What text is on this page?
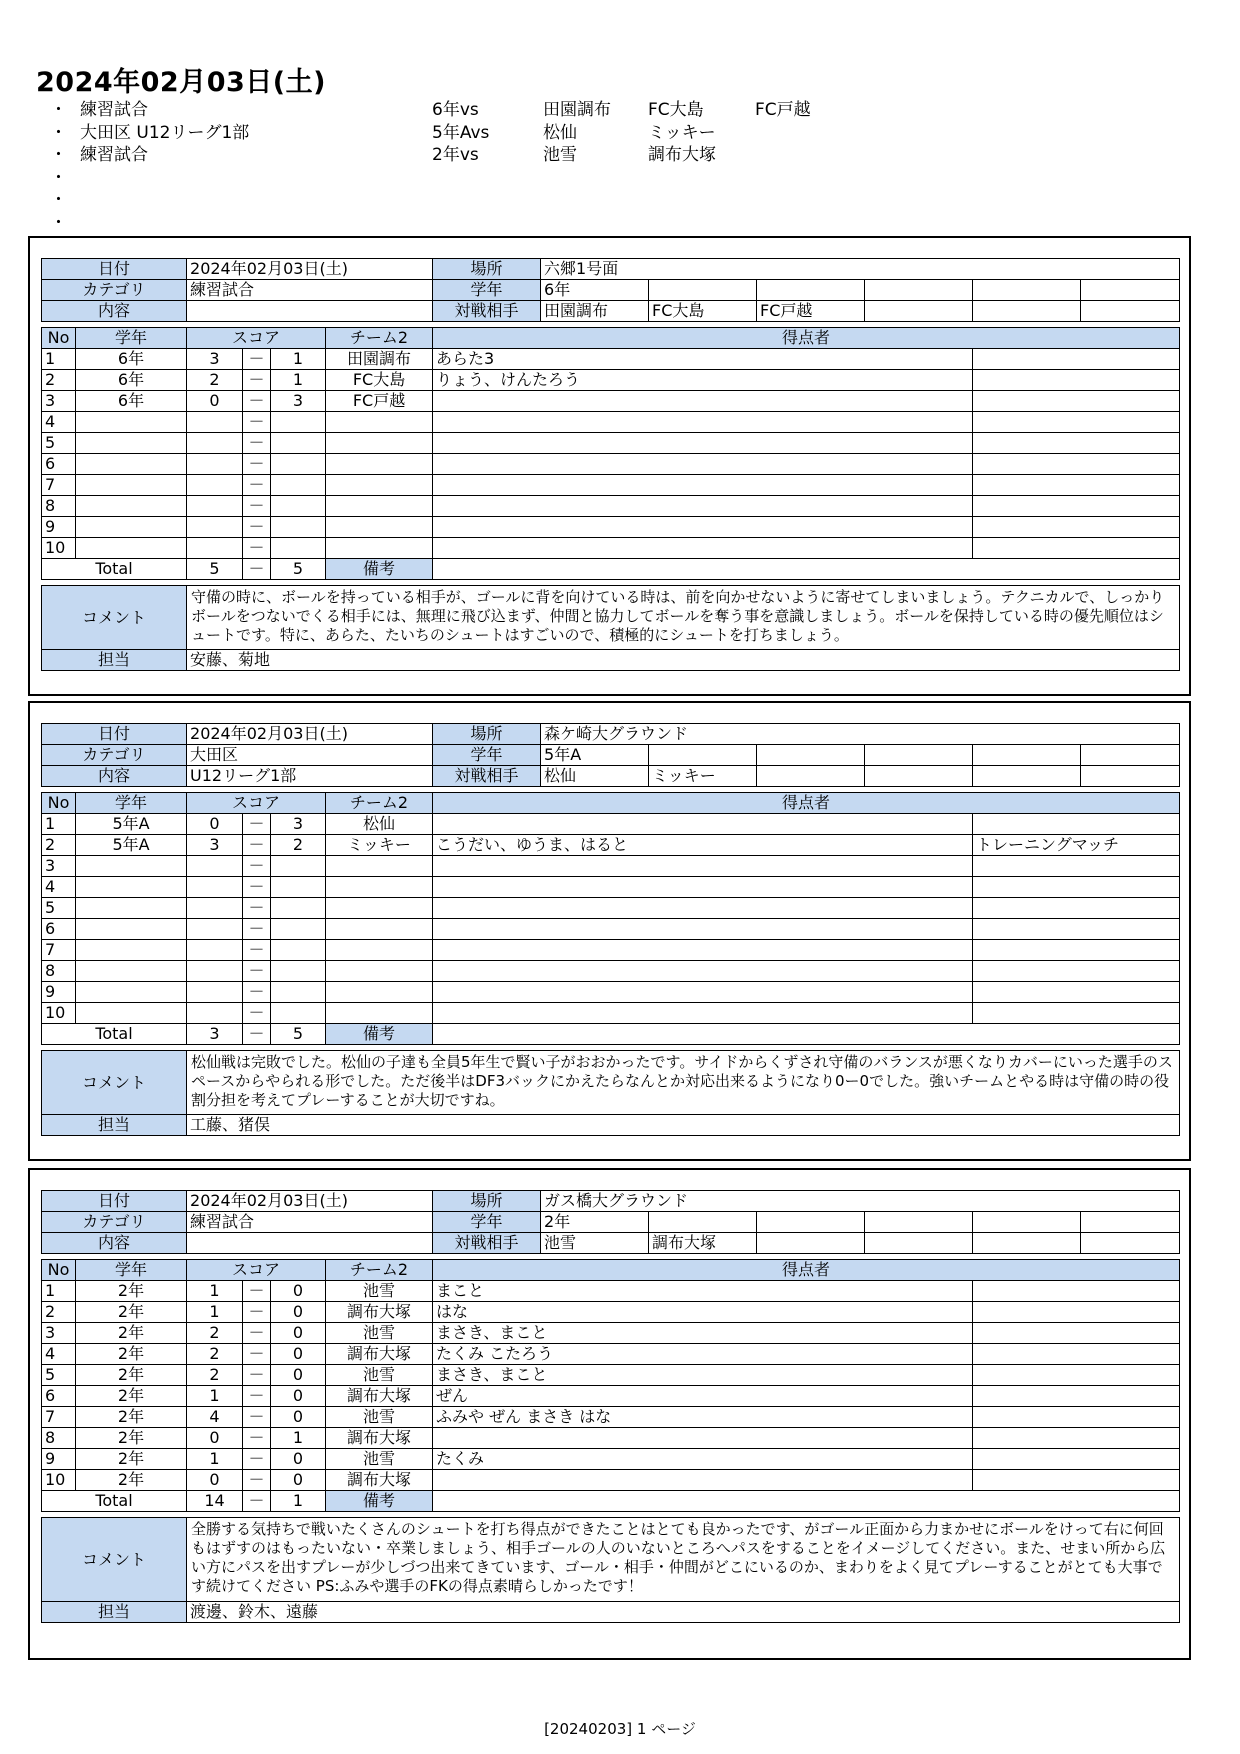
2024年02月03日(土)
・ 練習試合	6年vs	田園調布 FC大島	FC戸越
・ 大田区 U12リーグ1部	5年Avs	松仙	ミッキー
・ 練習試合	2年vs	池雪	調布大塚
・
・
・
日付		2024年02月03日(土)				場所	六郷1号面					
カテゴリ		練習試合				学年	6年					
内容						対戦相手	田園調布	FC大島	FC戸越			

No	学年	スコア			チーム2	得点者						
1	6年	3	－	1	田園調布	あらた3						
2	6年	2	－	1	FC大島	りょう、けんたろう						
3	6年	0	－	3	FC戸越							
4			－									
5			－									
6			－									
7			－									
8			－									
9			－									
10			－									
Total		5	－	5	備考							

コメント		守備の時に、ボールを持っている相手が、ゴールに背を向けている時は、前を向かせないように寄せてしまいましょう。テクニカルで、しっかりボールをつないでくる相手には、無理に飛び込まず、仲間と協力してボールを奪う事を意識しましょう。ボールを保持している時の優先順位はシュートです。特に、あらた、たいちのシュートはすごいので、積極的にシュートを打ちましょう。										
担当		安藤、菊地										
日付		2024年02月03日(土)				場所	森ケ崎大グラウンド					
カテゴリ		大田区				学年	5年A					
内容		U12リーグ1部				対戦相手	松仙	ミッキー				

No	学年	スコア			チーム2	得点者						
1	5年A	0	－	3	松仙							
2	5年A	3	－	2	ミッキー	こうだい、ゆうま、はると					トレーニングマッチ	
3			－									
4			－									
5			－									
6			－									
7			－									
8			－									
9			－									
10			－									
Total		3	－	5	備考							

コメント		松仙戦は完敗でした。松仙の子達も全員5年生で賢い子がおおかったです。サイドからくずされ守備のバランスが悪くなりカバーにいった選手のスペースからやられる形でした。ただ後半はDF3バックにかえたらなんとか対応出来るようになり0ー0でした。強いチームとやる時は守備の時の役割分担を考えてプレーすることが大切ですね。										
担当		工藤、猪俣										
日付		2024年02月03日(土)				場所	ガス橋大グラウンド					
カテゴリ		練習試合				学年	2年					
内容						対戦相手	池雪	調布大塚				

No	学年	スコア			チーム2	得点者						
1	2年	1	－	0	池雪	まこと						
2	2年	1	－	0	調布大塚	はな						
3	2年	2	－	0	池雪	まさき、まこと						
4	2年	2	－	0	調布大塚	たくみ こたろう						
5	2年	2	－	0	池雪	まさき、まこと						
6	2年	1	－	0	調布大塚	ぜん						
7	2年	4	－	0	池雪	ふみや ぜん まさき はな						
8	2年	0	－	1	調布大塚							
9	2年	1	－	0	池雪	たくみ						
10	2年	0	－	0	調布大塚							
Total		14	－	1	備考							

コメント		全勝する気持ちで戦いたくさんのシュートを打ち得点ができたことはとても良かったです、がゴール正面から力まかせにボールをけって右に何回もはずすのはもったいない・卒業しましょう、相手ゴールの人のいないところへパスをすることをイメージしてください。また、せまい所から広い方にパスを出すプレーが少しづつ出来てきています、ゴール・相手・仲間がどこにいるのか、まわりをよく見てプレーすることがとても大事です続けてください PS:ふみや選手のFKの得点素晴らしかったです！										
担当		渡邊、鈴木、遠藤										
[20240203] 1 ページ
